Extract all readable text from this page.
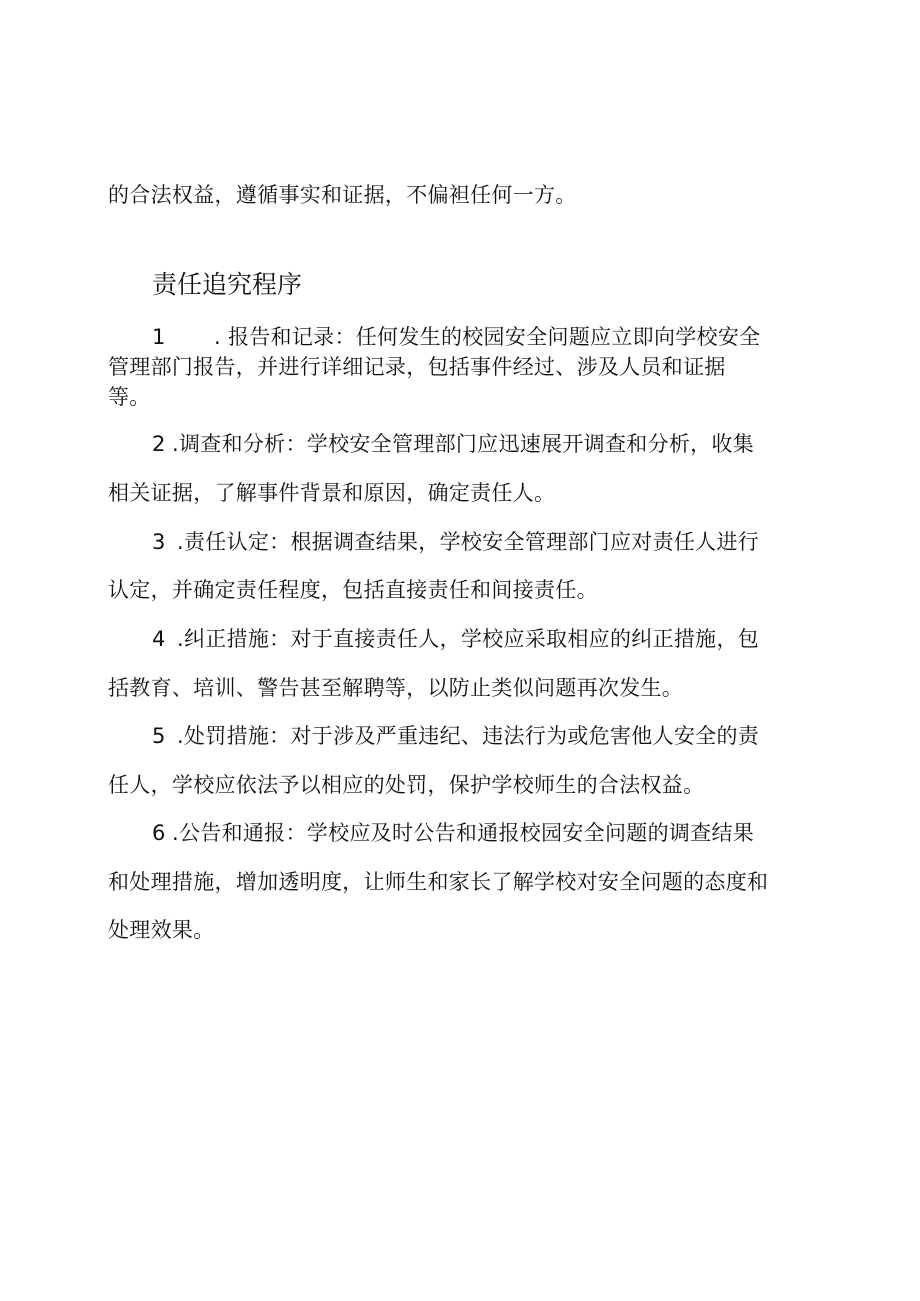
的合法权益，遵循事实和证据，不偏袒任何一方。
责任追究程序
1 . 报告和记录：任何发生的校园安全问题应立即向学校安全
管理部门报告，并进行详细记录，包括事件经过、涉及人员和证据
等。
2 .调查和分析：学校安全管理部门应迅速展开调查和分析，收集
相关证据，了解事件背景和原因，确定责任人。
3 .责任认定：根据调查结果，学校安全管理部门应对责任人进行
认定，并确定责任程度，包括直接责任和间接责任。
4 .纠正措施：对于直接责任人，学校应采取相应的纠正措施，包
括教育、培训、警告甚至解聘等，以防止类似问题再次发生。
5 .处罚措施：对于涉及严重违纪、违法行为或危害他人安全的责
任人，学校应依法予以相应的处罚，保护学校师生的合法权益。
6 .公告和通报：学校应及时公告和通报校园安全问题的调查结果
和处理措施，增加透明度，让师生和家长了解学校对安全问题的态度和
处理效果。
